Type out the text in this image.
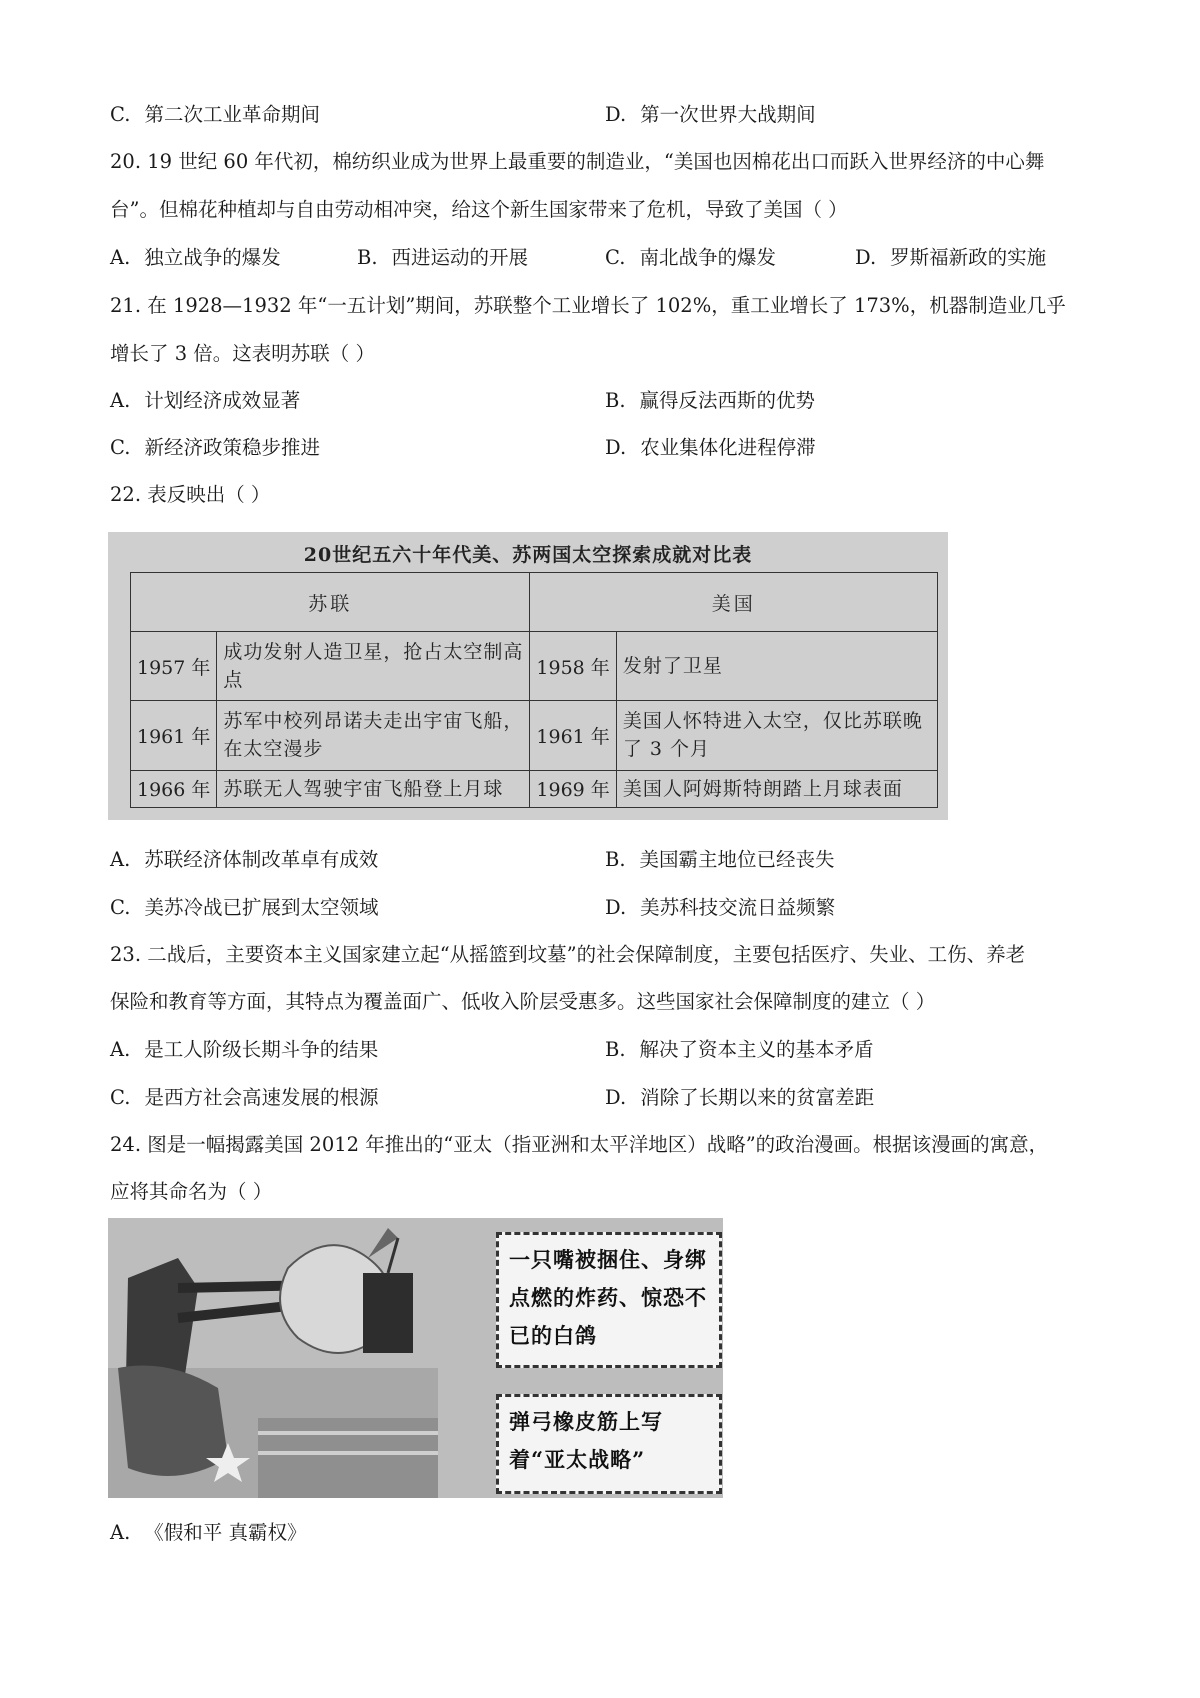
C. 第二次工业革命期间	D. 第一次世界大战期间
20. 19 世纪 60 年代初，棉纺织业成为世界上最重要的制造业，“美国也因棉花出口而跃入世界经济的中心舞
台”。但棉花种植却与自由劳动相冲突，给这个新生国家带来了危机，导致了美国（ ）
A. 独立战争的爆发	B. 西进运动的开展	C. 南北战争的爆发	D. 罗斯福新政的实施
21. 在 1928—1932 年“一五计划”期间，苏联整个工业增长了 102%，重工业增长了 173%，机器制造业几乎
增长了 3 倍。这表明苏联（ ）
A. 计划经济成效显著	B. 赢得反法西斯的优势
C. 新经济政策稳步推进	D. 农业集体化进程停滞
22. 表反映出（ ）
20世纪五六十年代美、苏两国太空探索成就对比表
苏联		美国	
1957 年	成功发射人造卫星，抢占太空制高点	1958 年	发射了卫星
1961 年	苏军中校列昂诺夫走出宇宙飞船，在太空漫步	1961 年	美国人怀特进入太空，仅比苏联晚了 3 个月
1966 年	苏联无人驾驶宇宙飞船登上月球	1969 年	美国人阿姆斯特朗踏上月球表面
A. 苏联经济体制改革卓有成效	B. 美国霸主地位已经丧失
C. 美苏冷战已扩展到太空领域	D. 美苏科技交流日益频繁
23. 二战后，主要资本主义国家建立起“从摇篮到坟墓”的社会保障制度，主要包括医疗、失业、工伤、养老
保险和教育等方面，其特点为覆盖面广、低收入阶层受惠多。这些国家社会保障制度的建立（ ）
A. 是工人阶级长期斗争的结果	B. 解决了资本主义的基本矛盾
C. 是西方社会高速发展的根源	D. 消除了长期以来的贫富差距
24. 图是一幅揭露美国 2012 年推出的“亚太（指亚洲和太平洋地区）战略”的政治漫画。根据该漫画的寓意，
应将其命名为（ ）
一只嘴被捆住、身绑点燃的炸药、惊恐不已的白鸽
弹弓橡皮筋上写着“亚太战略”
A. 《假和平 真霸权》
